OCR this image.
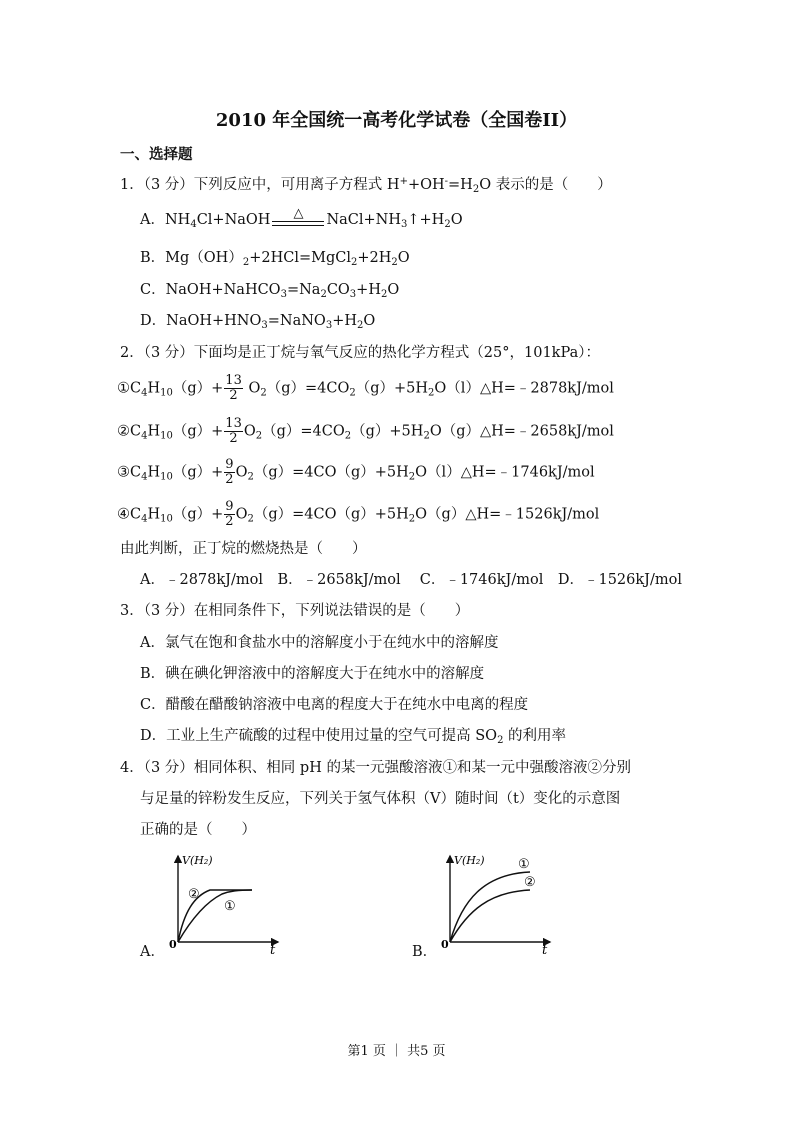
2010 年全国统一高考化学试卷（全国卷II）
一、选择题
1．（3 分）下列反应中，可用离子方程式 $H^++OH^-=H_2O$ 表示的是（　　）
A．$NH_4Cl+NaOH$	△	$NaCl+NH_3↑+H_2O$
B．$Mg(OH)_2+2HCl=MgCl_2+2H_2O$
C．$NaOH+NaHCO_3=Na_2CO_3+H_2O$
D．$NaOH+HNO_3=NaNO_3+H_2O$
2．（3 分）下面均是正丁烷与氧气反应的热化学方程式（25°，101kPa）：
$①C_4H_{10}(g)+ \frac{13}{2}$ $O_2(g)=4CO_2(g)+5H_2O(l)\triangle H=﹣2878kJ$/mol
$②C_4H_{10}(g)+ \frac{13}{2}$ $O_2(g)=4CO_2(g)+5H_2O(g)\triangle H=﹣2658kJ$/mol
$③C_4H_{10}(g)+ \frac{9}{2}$ $O_2(g)=4CO(g)+5H_2O(l)\triangle H=﹣1746kJ$/mol
$④C_4H_{10}(g)+ \frac{9}{2}$ $O_2(g)=4CO(g)+5H_2O(g)\triangle H=﹣1526kJ$/mol
由此判断，正丁烷的燃烧热是（　　）
A．﹣2878kJ/mol　B．﹣2658kJ/mol　 C．﹣1746kJ/mol　D．﹣1526kJ/mol
3．（3 分）在相同条件下，下列说法错误的是（　　）
A．氯气在饱和食盐水中的溶解度小于在纯水中的溶解度
B．碘在碘化钾溶液中的溶解度大于在纯水中的溶解度
C．醋酸在醋酸钠溶液中电离的程度大于在纯水中电离的程度
D．工业上生产硫酸的过程中使用过量的空气可提高 $SO_2$ 的利用率
4．（3 分）相同体积、相同 pH 的某一元强酸溶液①和某一元中强酸溶液②分别
与足量的锌粉发生反应，下列关于氢气体积（V）随时间（t）变化的示意图
正确的是（　　）
A．
V(H₂)
t
0
②
①
B．
V(H₂)
t
0
①
②
第1 页 ｜ 共5 页
